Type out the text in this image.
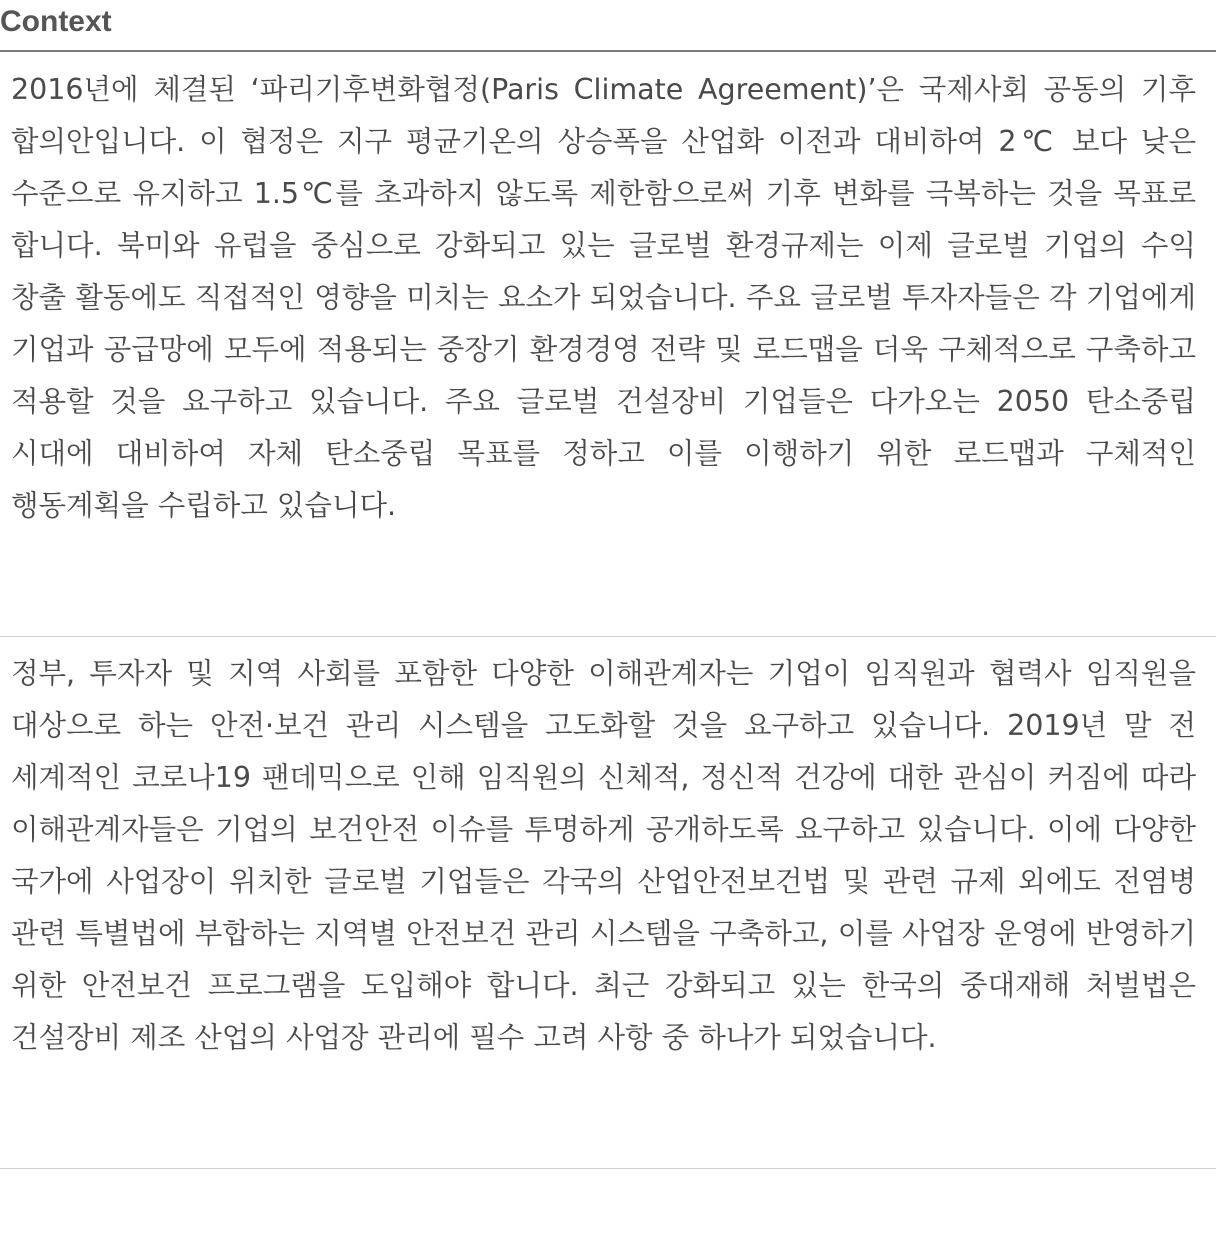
Context

2016년에 체결된 ‘파리기후변화협정(Paris Climate Agreement)’은 국제사회 공동의 기후 합의안입니다. 이 협정은 지구 평균기온의 상승폭을 산업화 이전과 대비하여 2℃ 보다 낮은 수준으로 유지하고 1.5℃를 초과하지 않도록 제한함으로써 기후 변화를 극복하는 것을 목표로 합니다. 북미와 유럽을 중심으로 강화되고 있는 글로벌 환경규제는 이제 글로벌 기업의 수익 창출 활동에도 직접적인 영향을 미치는 요소가 되었습니다. 주요 글로벌 투자자들은 각 기업에게 기업과 공급망에 모두에 적용되는 중장기 환경경영 전략 및 로드맵을 더욱 구체적으로 구축하고 적용할 것을 요구하고 있습니다. 주요 글로벌 건설장비 기업들은 다가오는 2050 탄소중립 시대에 대비하여 자체 탄소중립 목표를 정하고 이를 이행하기 위한 로드맵과 구체적인 행동계획을 수립하고 있습니다.

정부, 투자자 및 지역 사회를 포함한 다양한 이해관계자는 기업이 임직원과 협력사 임직원을 대상으로 하는 안전·보건 관리 시스템을 고도화할 것을 요구하고 있습니다. 2019년 말 전 세계적인 코로나19 팬데믹으로 인해 임직원의 신체적, 정신적 건강에 대한 관심이 커짐에 따라 이해관계자들은 기업의 보건안전 이슈를 투명하게 공개하도록 요구하고 있습니다. 이에 다양한 국가에 사업장이 위치한 글로벌 기업들은 각국의 산업안전보건법 및 관련 규제 외에도 전염병 관련 특별법에 부합하는 지역별 안전보건 관리 시스템을 구축하고, 이를 사업장 운영에 반영하기 위한 안전보건 프로그램을 도입해야 합니다. 최근 강화되고 있는 한국의 중대재해 처벌법은 건설장비 제조 산업의 사업장 관리에 필수 고려 사항 중 하나가 되었습니다.
